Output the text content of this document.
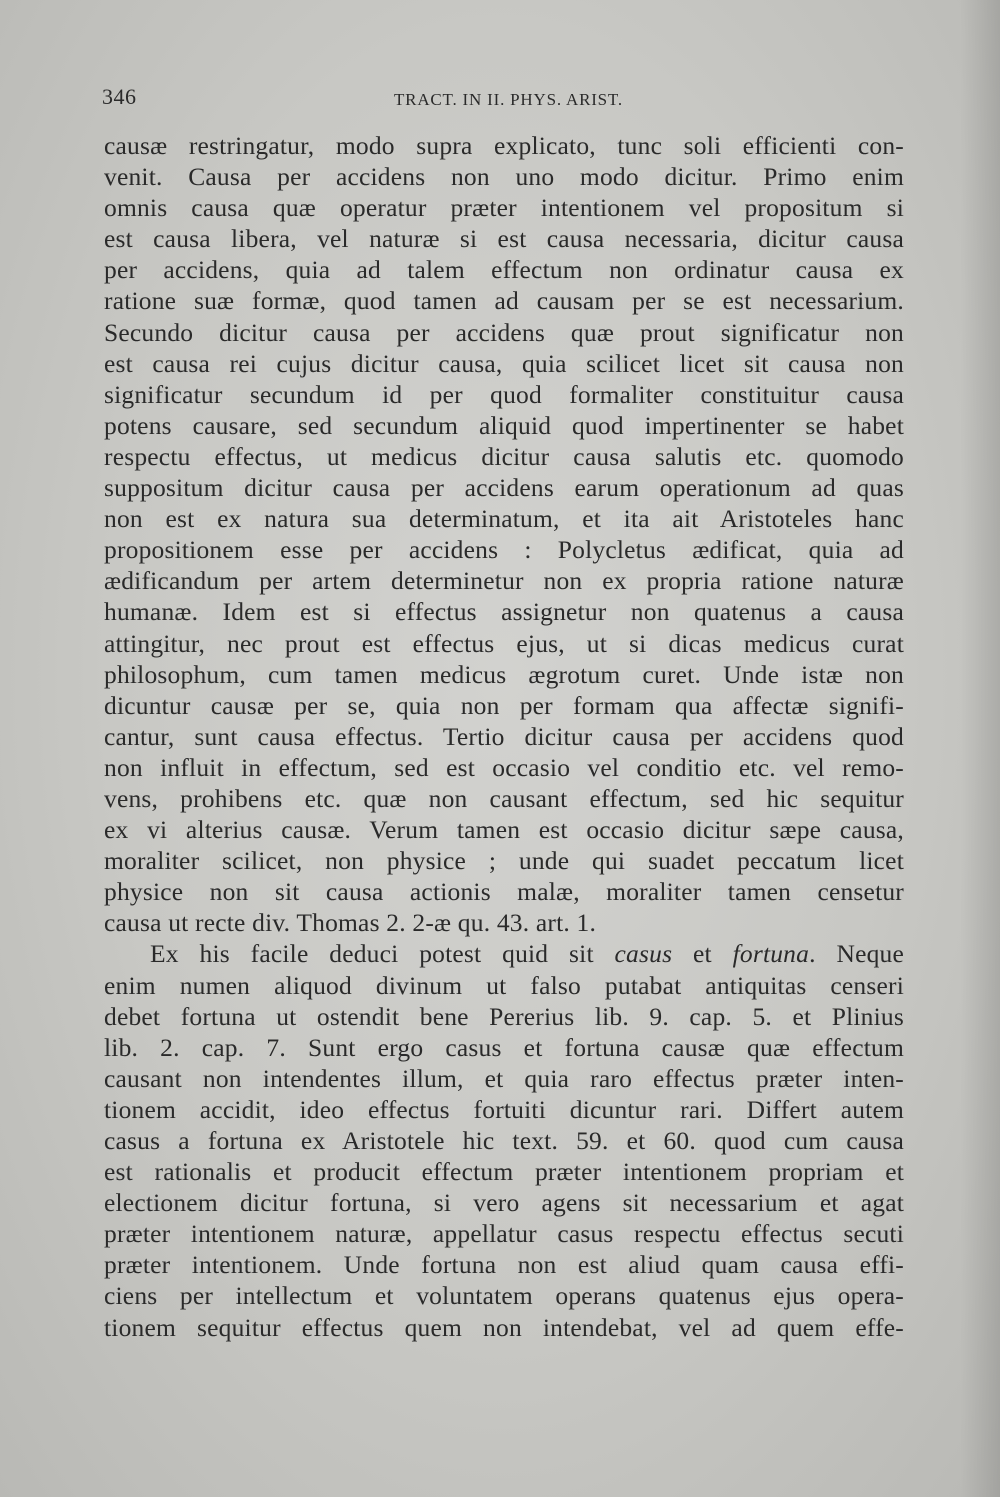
346	TRACT. IN II. PHYS. ARIST.
causæ restringatur, modo supra explicato, tunc soli efficienti con-
venit. Causa per accidens non uno modo dicitur. Primo enim
omnis causa quæ operatur præter intentionem vel propositum si
est causa libera, vel naturæ si est causa necessaria, dicitur causa
per accidens, quia ad talem effectum non ordinatur causa ex
ratione suæ formæ, quod tamen ad causam per se est necessarium.
Secundo dicitur causa per accidens quæ prout significatur non
est causa rei cujus dicitur causa, quia scilicet licet sit causa non
significatur secundum id per quod formaliter constituitur causa
potens causare, sed secundum aliquid quod impertinenter se habet
respectu effectus, ut medicus dicitur causa salutis etc. quomodo
suppositum dicitur causa per accidens earum operationum ad quas
non est ex natura sua determinatum, et ita ait Aristoteles hanc
propositionem esse per accidens : Polycletus ædificat, quia ad
ædificandum per artem determinetur non ex propria ratione naturæ
humanæ. Idem est si effectus assignetur non quatenus a causa
attingitur, nec prout est effectus ejus, ut si dicas medicus curat
philosophum, cum tamen medicus ægrotum curet. Unde istæ non
dicuntur causæ per se, quia non per formam qua affectæ signifi-
cantur, sunt causa effectus. Tertio dicitur causa per accidens quod
non influit in effectum, sed est occasio vel conditio etc. vel remo-
vens, prohibens etc. quæ non causant effectum, sed hic sequitur
ex vi alterius causæ. Verum tamen est occasio dicitur sæpe causa,
moraliter scilicet, non physice ; unde qui suadet peccatum licet
physice non sit causa actionis malæ, moraliter tamen censetur
causa ut recte div. Thomas 2. 2-æ qu. 43. art. 1.
Ex his facile deduci potest quid sit casus et fortuna. Neque
enim numen aliquod divinum ut falso putabat antiquitas censeri
debet fortuna ut ostendit bene Pererius lib. 9. cap. 5. et Plinius
lib. 2. cap. 7. Sunt ergo casus et fortuna causæ quæ effectum
causant non intendentes illum, et quia raro effectus præter inten-
tionem accidit, ideo effectus fortuiti dicuntur rari. Differt autem
casus a fortuna ex Aristotele hic text. 59. et 60. quod cum causa
est rationalis et producit effectum præter intentionem propriam et
electionem dicitur fortuna, si vero agens sit necessarium et agat
præter intentionem naturæ, appellatur casus respectu effectus secuti
præter intentionem. Unde fortuna non est aliud quam causa effi-
ciens per intellectum et voluntatem operans quatenus ejus opera-
tionem sequitur effectus quem non intendebat, vel ad quem effe-
